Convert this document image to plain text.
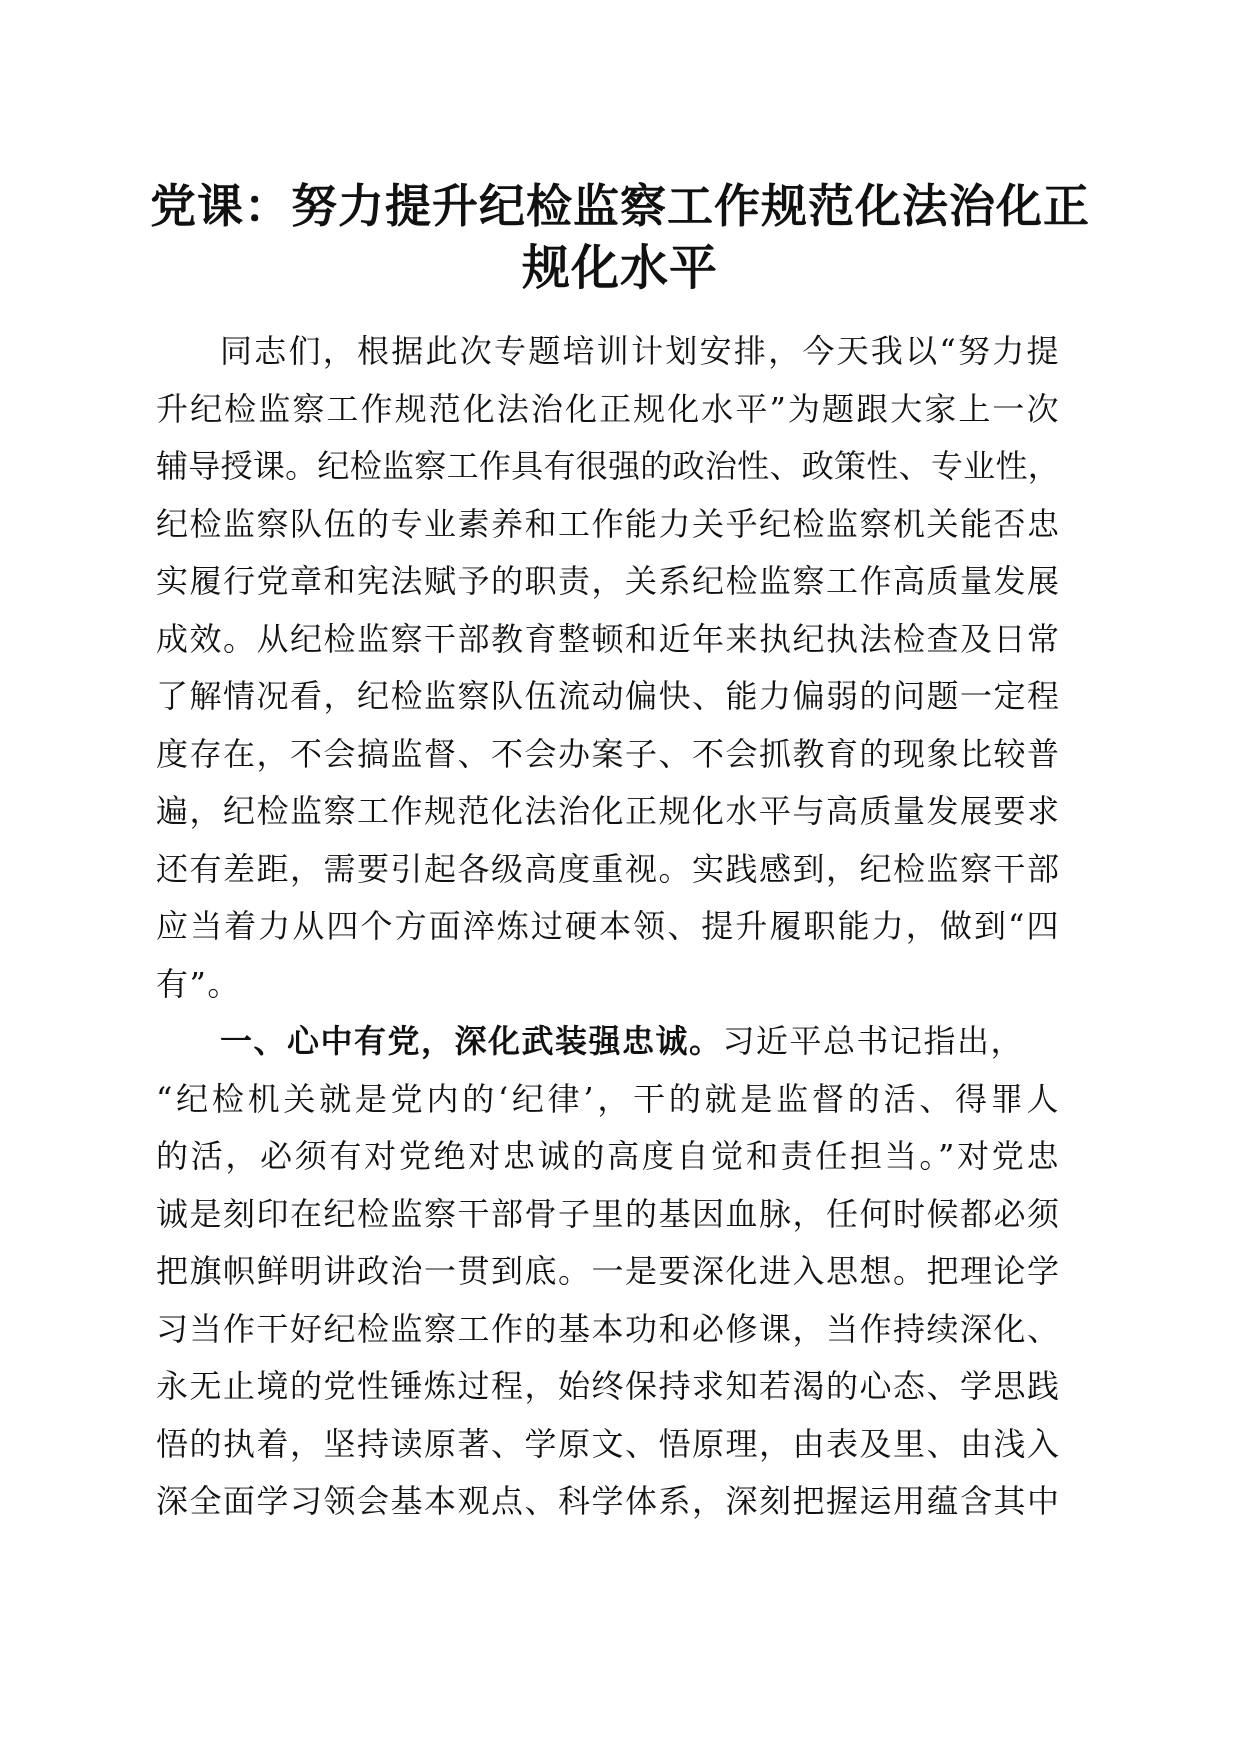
党课：努力提升纪检监察工作规范化法治化正
规化水平
同志们，根据此次专题培训计划安排，今天我以“努力提
升纪检监察工作规范化法治化正规化水平”为题跟大家上一次
辅导授课。纪检监察工作具有很强的政治性、政策性、专业性，
纪检监察队伍的专业素养和工作能力关乎纪检监察机关能否忠
实履行党章和宪法赋予的职责，关系纪检监察工作高质量发展
成效。从纪检监察干部教育整顿和近年来执纪执法检查及日常
了解情况看，纪检监察队伍流动偏快、能力偏弱的问题一定程
度存在，不会搞监督、不会办案子、不会抓教育的现象比较普
遍，纪检监察工作规范化法治化正规化水平与高质量发展要求
还有差距，需要引起各级高度重视。实践感到，纪检监察干部
应当着力从四个方面淬炼过硬本领、提升履职能力，做到“四
有”。
一、心中有党，深化武装强忠诚。习近平总书记指出，
“纪检机关就是党内的‘纪律’，干的就是监督的活、得罪人
的活，必须有对党绝对忠诚的高度自觉和责任担当。”对党忠
诚是刻印在纪检监察干部骨子里的基因血脉，任何时候都必须
把旗帜鲜明讲政治一贯到底。一是要深化进入思想。把理论学
习当作干好纪检监察工作的基本功和必修课，当作持续深化、
永无止境的党性锤炼过程，始终保持求知若渴的心态、学思践
悟的执着，坚持读原著、学原文、悟原理，由表及里、由浅入
深全面学习领会基本观点、科学体系，深刻把握运用蕴含其中
